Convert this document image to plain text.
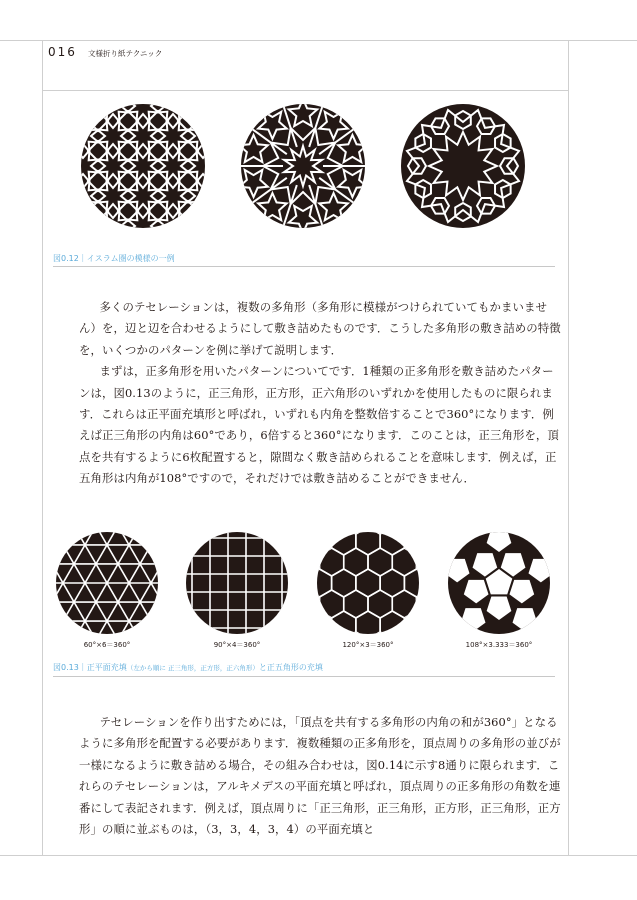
016 文様折り紙テクニック
図0.12｜イスラム圏の模様の一例

多くのテセレーションは，複数の多角形（多角形に模様がつけられていてもかまいません）を，辺と辺を合わせるようにして敷き詰めたものです．こうした多角形の敷き詰めの特徴を，いくつかのパターンを例に挙げて説明します．

まずは，正多角形を用いたパターンについてです．1種類の正多角形を敷き詰めたパターンは，図0.13のように，正三角形，正方形，正六角形のいずれかを使用したものに限られます．これらは正平面充填形と呼ばれ，いずれも内角を整数倍することで360°になります．例えば正三角形の内角は60°であり，6倍すると360°になります．このことは，正三角形を，頂点を共有するように6枚配置すると，隙間なく敷き詰められることを意味します．例えば，正五角形は内角が108°ですので，それだけでは敷き詰めることができません．

60°×6＝360°	90°×4＝360°	120°×3＝360°	108°×3.333＝360°
図0.13｜正平面充填（左から順に 正三角形，正方形，正六角形）と正五角形の充填

テセレーションを作り出すためには，「頂点を共有する多角形の内角の和が360°」となるように多角形を配置する必要があります．複数種類の正多角形を，頂点周りの多角形の並びが一様になるように敷き詰める場合，その組み合わせは，図0.14に示す8通りに限られます．これらのテセレーションは，アルキメデスの平面充填と呼ばれ，頂点周りの正多角形の角数を連番にして表記されます．例えば，頂点周りに「正三角形，正三角形，正方形，正三角形，正方形」の順に並ぶものは，（3，3，4，3，4）の平面充填と
